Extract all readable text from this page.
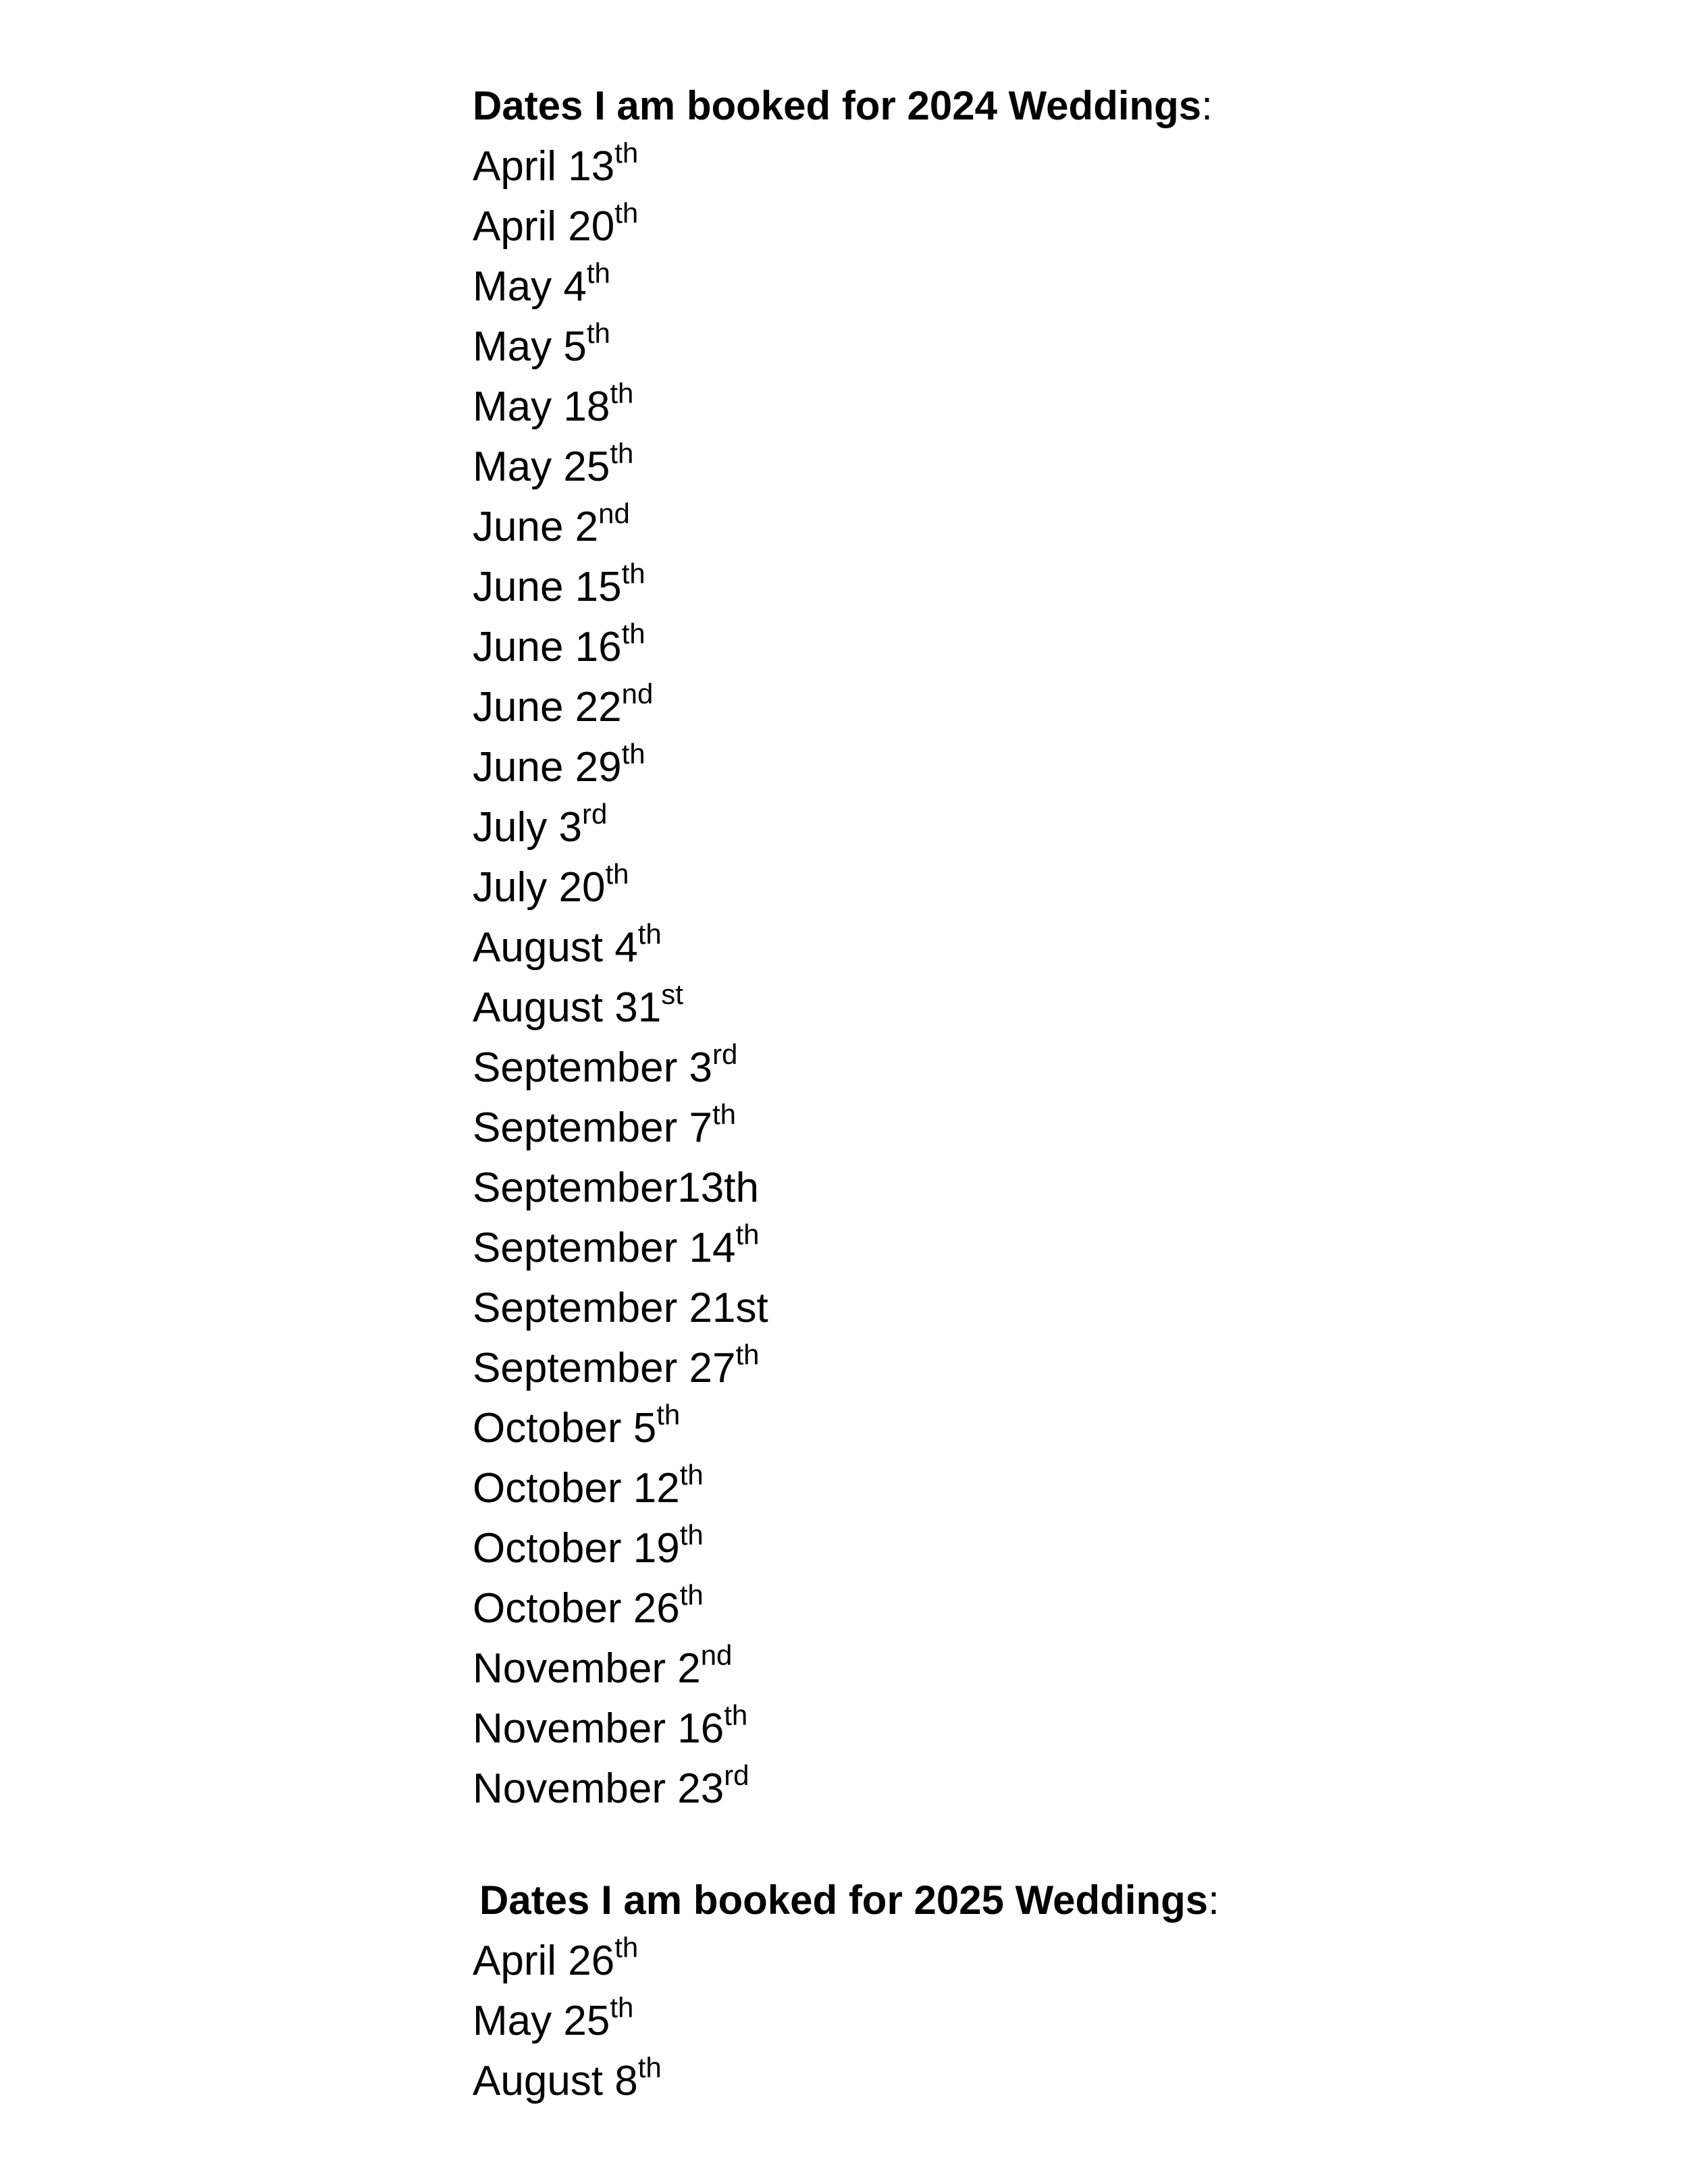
Dates I am booked for 2024 Weddings:
April 13th
April 20th
May 4th
May 5th
May 18th
May 25th
June 2nd
June 15th
June 16th
June 22nd
June 29th
July 3rd
July 20th
August 4th
August 31st
September 3rd
September 7th
September13th
September 14th
September 21st
September 27th
October 5th
October 12th
October 19th
October 26th
November 2nd
November 16th
November 23rd
Dates I am booked for 2025 Weddings:
April 26th
May 25th
August 8th
